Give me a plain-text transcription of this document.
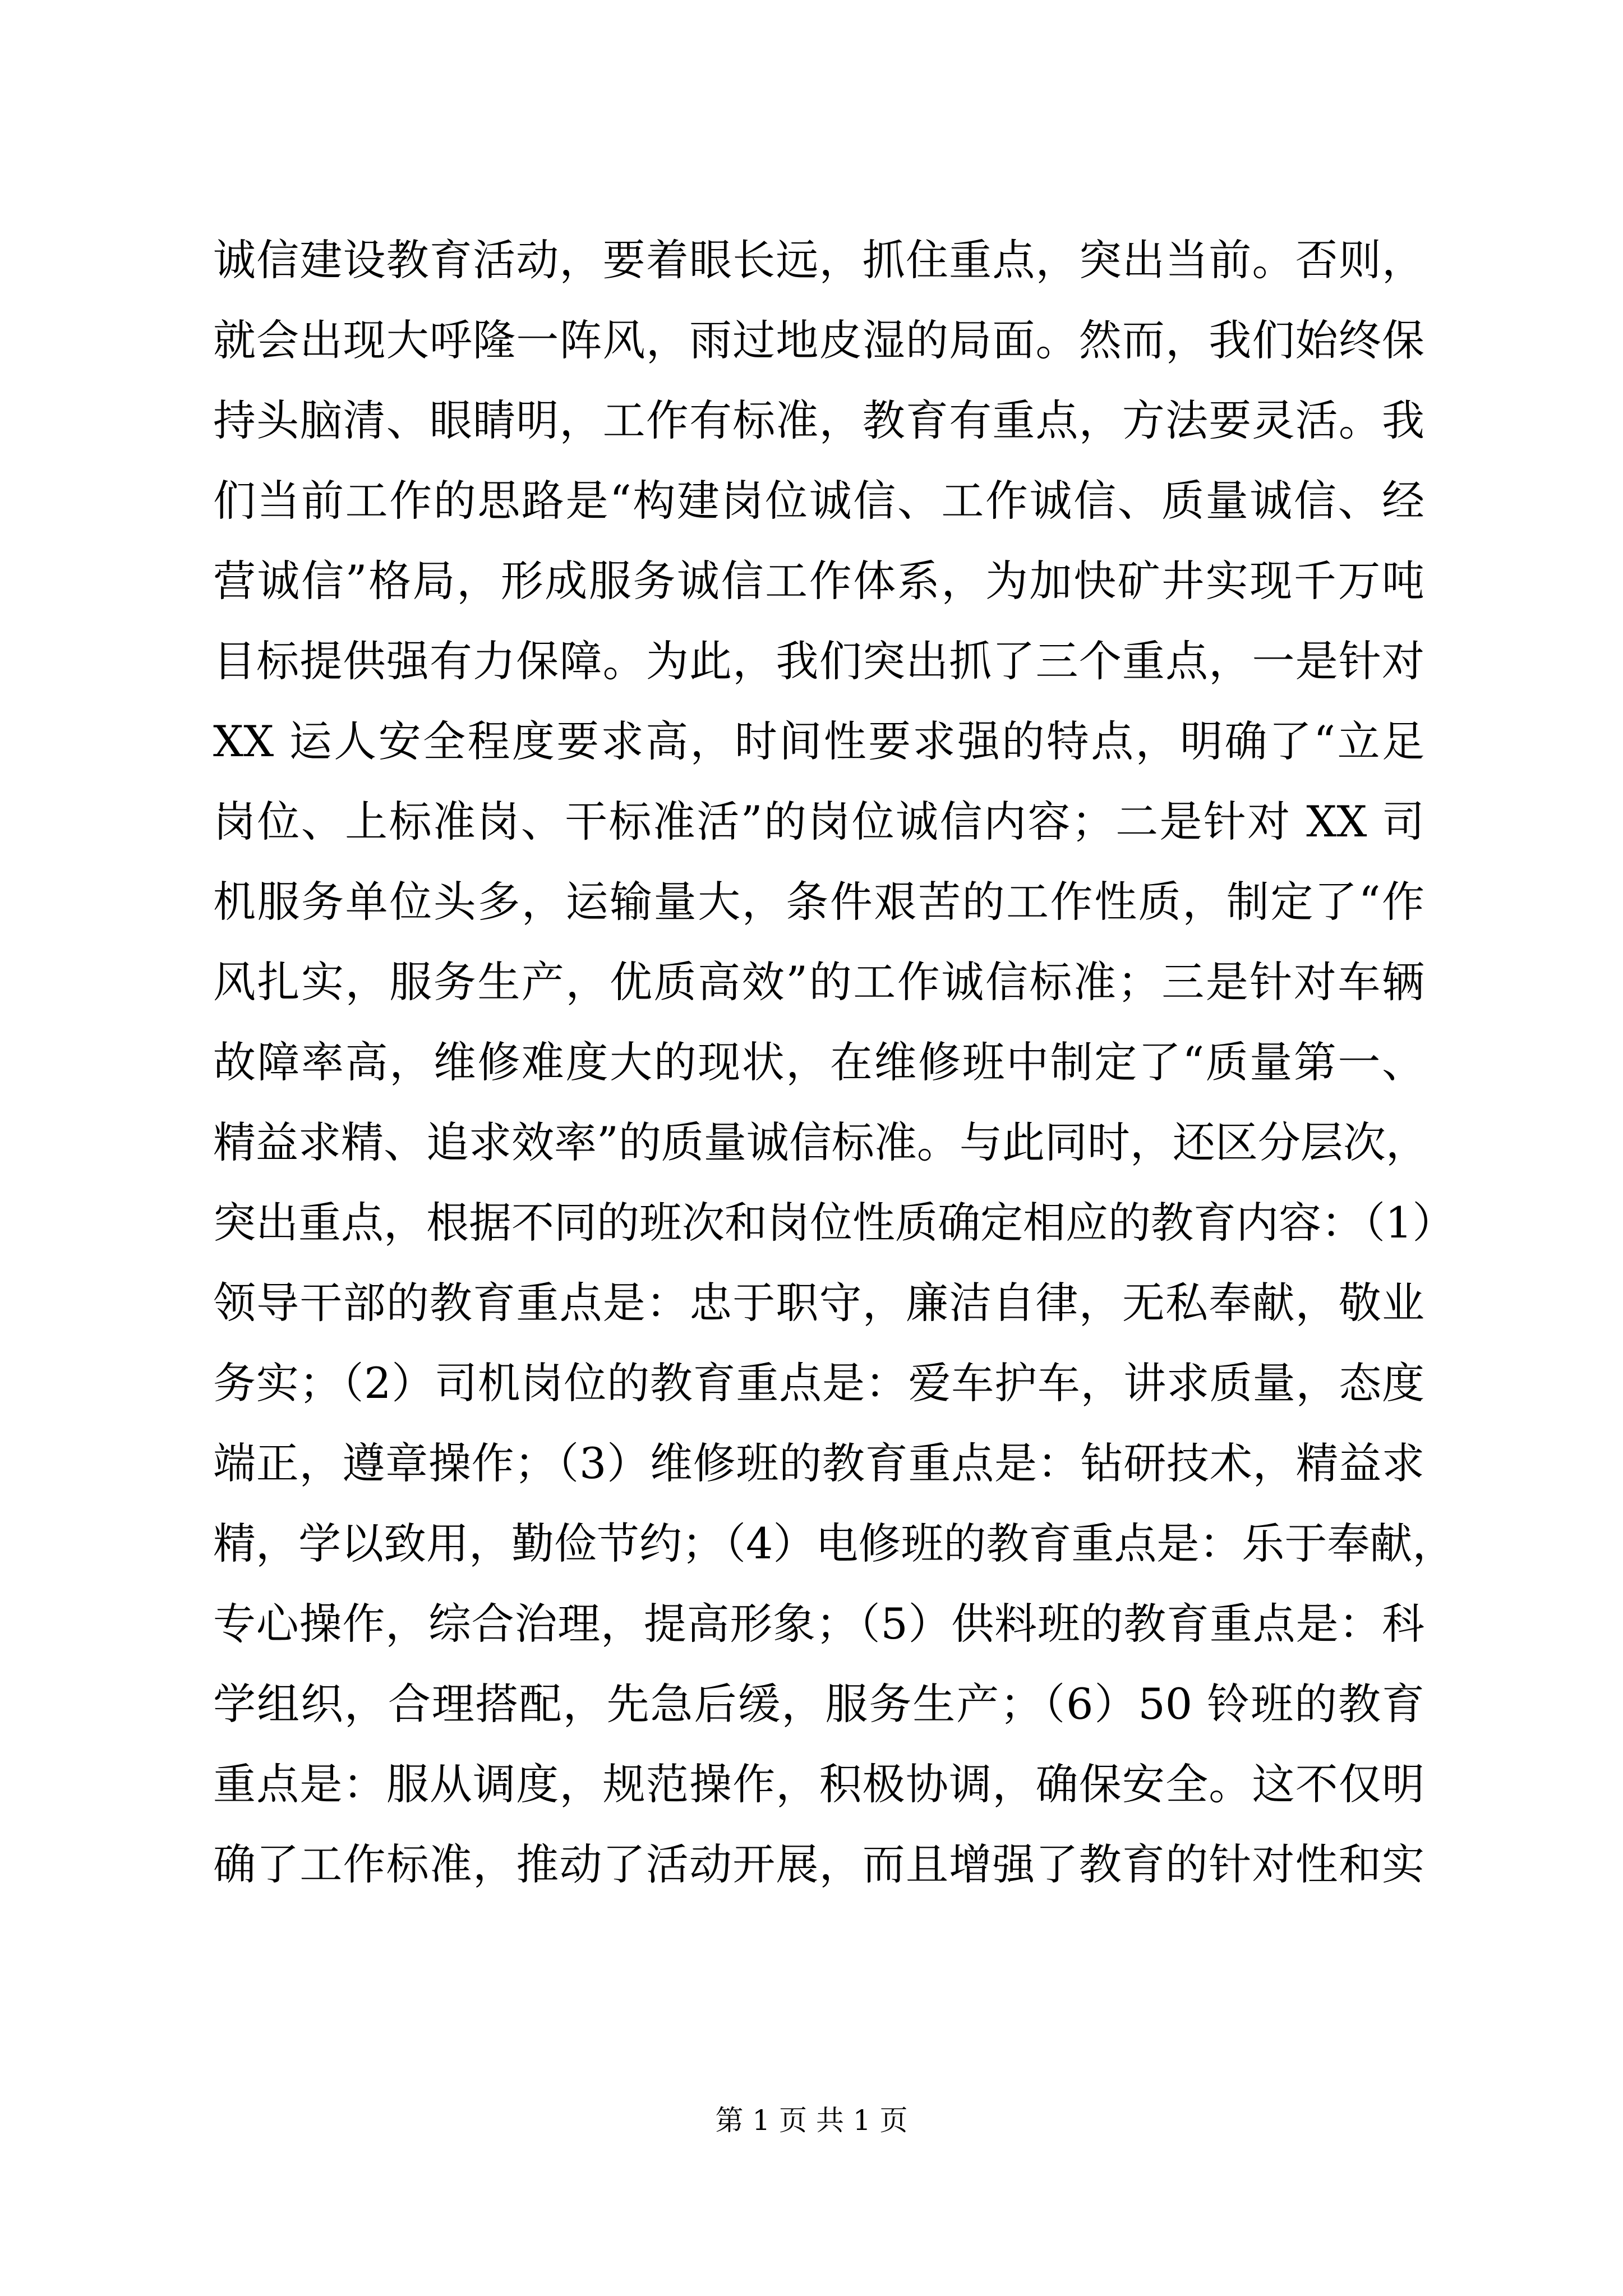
诚信建设教育活动，要着眼长远，抓住重点，突出当前。否则，
就会出现大呼隆一阵风，雨过地皮湿的局面。然而，我们始终保
持头脑清、眼睛明，工作有标准，教育有重点，方法要灵活。我
们当前工作的思路是“构建岗位诚信、工作诚信、质量诚信、经
营诚信”格局，形成服务诚信工作体系，为加快矿井实现千万吨
目标提供强有力保障。为此，我们突出抓了三个重点，一是针对
XX 运人安全程度要求高，时间性要求强的特点，明确了“立足
岗位、上标准岗、干标准活”的岗位诚信内容；二是针对 XX 司
机服务单位头多，运输量大，条件艰苦的工作性质，制定了“作
风扎实，服务生产，优质高效”的工作诚信标准；三是针对车辆
故障率高，维修难度大的现状，在维修班中制定了“质量第一、
精益求精、追求效率”的质量诚信标准。与此同时，还区分层次，
突出重点，根据不同的班次和岗位性质确定相应的教育内容：（1）
领导干部的教育重点是：忠于职守，廉洁自律，无私奉献，敬业
务实；（2）司机岗位的教育重点是：爱车护车，讲求质量，态度
端正，遵章操作；（3）维修班的教育重点是：钻研技术，精益求
精，学以致用，勤俭节约；（4）电修班的教育重点是：乐于奉献，
专心操作，综合治理，提高形象；（5）供料班的教育重点是：科
学组织，合理搭配，先急后缓，服务生产；（6）50 铃班的教育
重点是：服从调度，规范操作，积极协调，确保安全。这不仅明
确了工作标准，推动了活动开展，而且增强了教育的针对性和实
第 1 页 共 1 页
